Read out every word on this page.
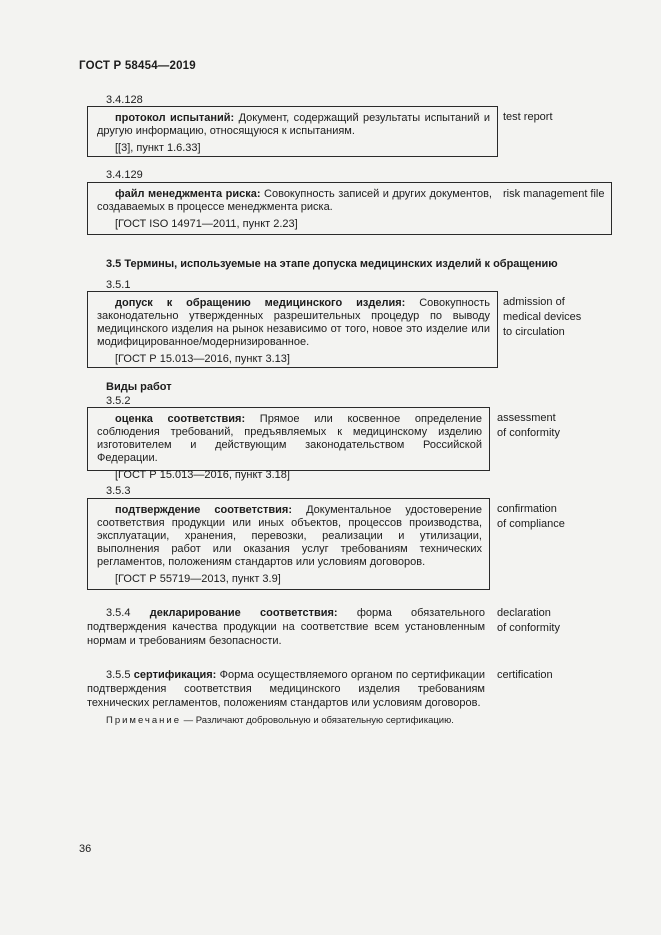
ГОСТ Р 58454—2019
3.4.128

протокол испытаний: Документ, содержащий результаты испытаний и другую информацию, относящуюся к испытаниям.

[[3], пункт 1.6.33]

test report
3.4.129

файл менеджмента риска: Совокупность записей и других документов, создаваемых в процессе менеджмента риска.

[ГОСТ ISO 14971—2011, пункт 2.23]

risk management file
3.5 Термины, используемые на этапе допуска медицинских изделий к обращению
3.5.1

допуск к обращению медицинского изделия: Совокупность законодательно утвержденных разрешительных процедур по выводу медицинского изделия на рынок независимо от того, новое это изделие или модифицированное/модернизированное.

[ГОСТ Р 15.013—2016, пункт 3.13]

admission of
medical devices
to circulation
Виды работ
3.5.2

оценка соответствия: Прямое или косвенное определение соблюдения требований, предъявляемых к медицинскому изделию изготовителем и действующим законодательством Российской Федерации.

[ГОСТ Р 15.013—2016, пункт 3.18]

assessment
of conformity
3.5.3

подтверждение соответствия: Документальное удостоверение соответствия продукции или иных объектов, процессов производства, эксплуатации, хранения, перевозки, реализации и утилизации, выполнения работ или оказания услуг требованиям технических регламентов, положениям стандартов или условиям договоров.

[ГОСТ Р 55719—2013, пункт 3.9]

confirmation
of compliance
3.5.4 декларирование соответствия: форма обязательного подтверждения качества продукции на соответствие всем установленным нормам и требованиям безопасности.
declaration
of conformity
3.5.5 сертификация: Форма осуществляемого органом по сертификации подтверждения соответствия медицинского изделия требованиям технических регламентов, положениям стандартов или условиям договоров.
certification
Примечание — Различают добровольную и обязательную сертификацию.
36
